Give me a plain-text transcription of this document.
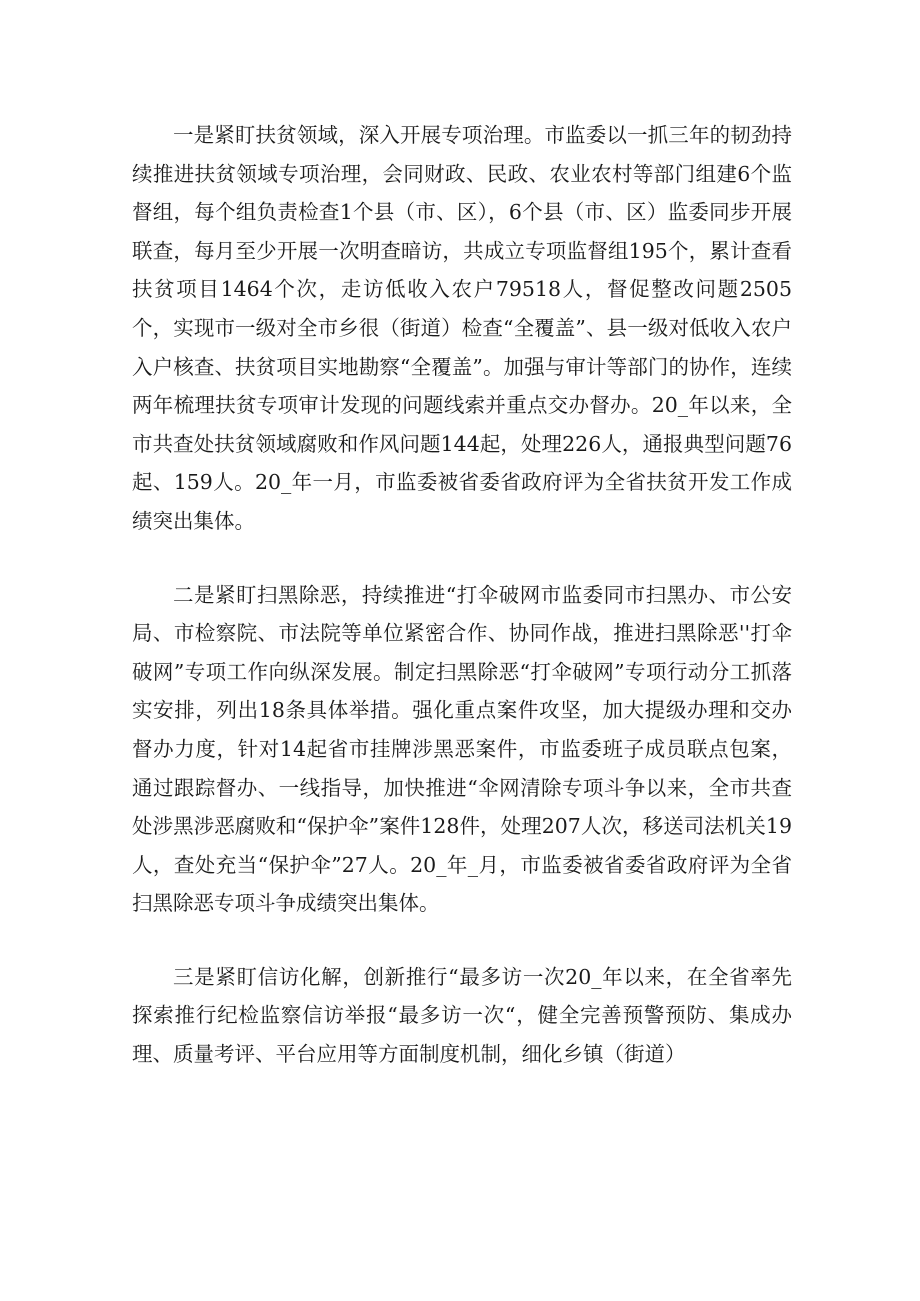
一是紧盯扶贫领域，深入开展专项治理。市监委以一抓三年的韧劲持续推进扶贫领域专项治理，会同财政、民政、农业农村等部门组建6个监督组，每个组负责检查1个县（市、区），6个县（市、区）监委同步开展联查，每月至少开展一次明查暗访，共成立专项监督组195个，累计查看扶贫项目1464个次，走访低收入农户79518人，督促整改问题2505个，实现市一级对全市乡很（街道）检查“全覆盖”、县一级对低收入农户入户核查、扶贫项目实地勘察“全覆盖”。加强与审计等部门的协作，连续两年梳理扶贫专项审计发现的问题线索并重点交办督办。20_年以来，全市共查处扶贫领域腐败和作风问题144起，处理226人，通报典型问题76起、159人。20_年一月，市监委被省委省政府评为全省扶贫开发工作成绩突出集体。

二是紧盯扫黑除恶，持续推进“打伞破网市监委同市扫黑办、市公安局、市检察院、市法院等单位紧密合作、协同作战，推进扫黑除恶''打伞破网”专项工作向纵深发展。制定扫黑除恶“打伞破网”专项行动分工抓落实安排，列出18条具体举措。强化重点案件攻坚，加大提级办理和交办督办力度，针对14起省市挂牌涉黑恶案件，市监委班子成员联点包案，通过跟踪督办、一线指导，加快推进“伞网清除专项斗争以来，全市共查处涉黑涉恶腐败和“保护伞”案件128件，处理207人次，移送司法机关19人，查处充当“保护伞”27人。20_年_月，市监委被省委省政府评为全省扫黑除恶专项斗争成绩突出集体。

三是紧盯信访化解，创新推行“最多访一次20_年以来，在全省率先探索推行纪检监察信访举报“最多访一次“，健全完善预警预防、集成办理、质量考评、平台应用等方面制度机制，细化乡镇（街道）
